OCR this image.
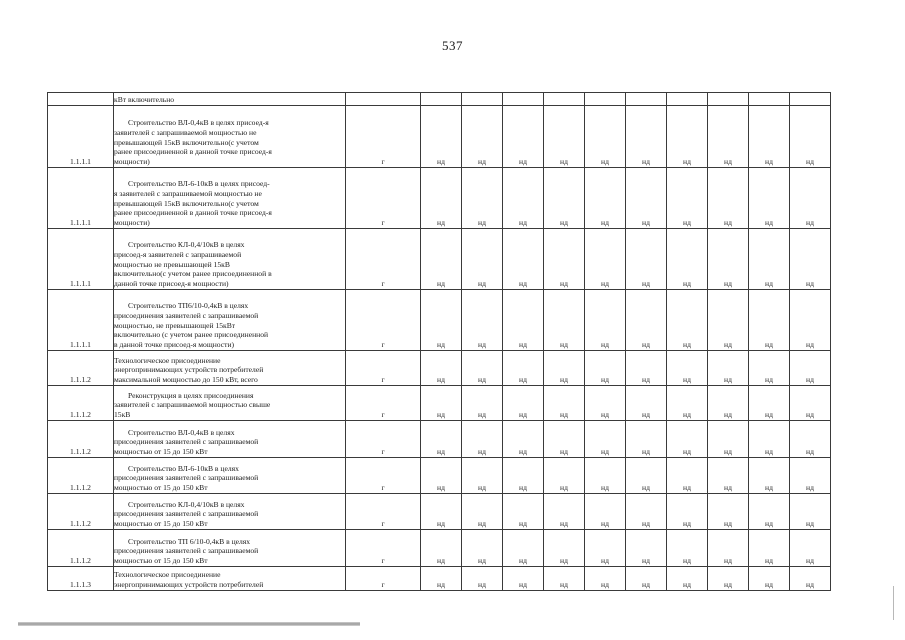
537

	кВт включительно											

1.1.1.1	Строительство ВЛ-0,4кВ в целях присоед-я
заявителей с запрашиваемой мощностью не
превышающей 15кВ включительно(с учетом
ранее присоединенной в данной точке присоед-я
мощности)	г	нд	нд	нд	нд	нд	нд	нд	нд	нд	нд
1.1.1.1	Строительство ВЛ-6-10кВ в целях присоед-
я заявителей с запрашиваемой мощностью не
превышающей 15кВ включительно(с учетом
ранее присоединенной в данной точке присоед-я
мощности)	г	нд	нд	нд	нд	нд	нд	нд	нд	нд	нд
1.1.1.1	Строительство КЛ-0,4/10кВ в целях
присоед-я заявителей с запрашиваемой
мощностью не превышающей 15кВ
включительно(с учетом ранее присоединенной в
данной точке присоед-я мощности)	г	нд	нд	нд	нд	нд	нд	нд	нд	нд	нд
1.1.1.1	Строительство ТП6/10-0,4кВ в целях
присоединения заявителей с запрашиваемой
мощностью, не превышающей 15кВт
включительно (с учетом ранее присоединенной
в данной точке присоед-я мощности)	г	нд	нд	нд	нд	нд	нд	нд	нд	нд	нд
1.1.1.2	Технологическое присоединение
энергопринимающих устройств потребителей
максимальной мощностью до 150 кВт, всего	г	нд	нд	нд	нд	нд	нд	нд	нд	нд	нд
1.1.1.2	Реконструкция в целях присоединения
заявителей с запрашиваемой мощностью свыше
15кВ	г	нд	нд	нд	нд	нд	нд	нд	нд	нд	нд
1.1.1.2	Строительство ВЛ-0,4кВ в целях
присоединения заявителей с запрашиваемой
мощностью от 15 до 150 кВт	г	нд	нд	нд	нд	нд	нд	нд	нд	нд	нд
1.1.1.2	Строительство ВЛ-6-10кВ в целях
присоединения заявителей с запрашиваемой
мощностью от 15 до 150 кВт	г	нд	нд	нд	нд	нд	нд	нд	нд	нд	нд
1.1.1.2	Строительство КЛ-0,4/10кВ в целях
присоединения заявителей с запрашиваемой
мощностью от 15 до 150 кВт	г	нд	нд	нд	нд	нд	нд	нд	нд	нд	нд
1.1.1.2	Строительство ТП 6/10-0,4кВ в целях
присоединения заявителей с запрашиваемой
мощностью от 15 до 150 кВт	г	нд	нд	нд	нд	нд	нд	нд	нд	нд	нд
1.1.1.3	Технологическое присоединение
энергопринимающих устройств потребителей	г	нд	нд	нд	нд	нд	нд	нд	нд	нд	нд
